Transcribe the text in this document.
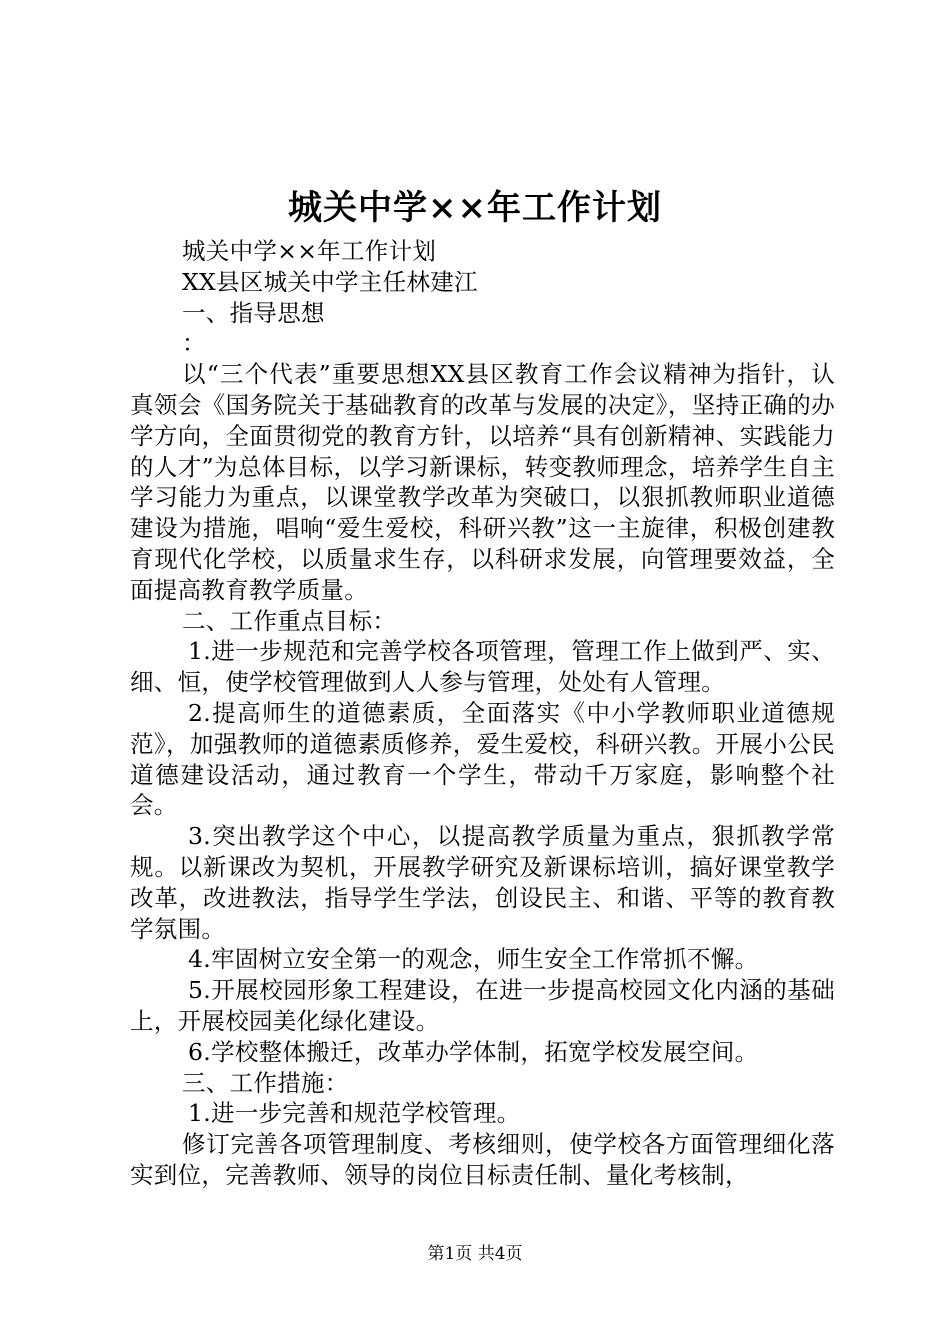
城关中学××年工作计划

城关中学××年工作计划

XX县区城关中学主任林建江

一、指导思想

：

以“三个代表”重要思想XX县区教育工作会议精神为指针，认真领会《国务院关于基础教育的改革与发展的决定》，坚持正确的办学方向，全面贯彻党的教育方针，以培养“具有创新精神、实践能力的人才”为总体目标，以学习新课标，转变教师理念，培养学生自主学习能力为重点，以课堂教学改革为突破口，以狠抓教师职业道德建设为措施，唱响“爱生爱校，科研兴教”这一主旋律，积极创建教育现代化学校，以质量求生存，以科研求发展，向管理要效益，全面提高教育教学质量。

二、工作重点目标：

1.进一步规范和完善学校各项管理，管理工作上做到严、实、细、恒，使学校管理做到人人参与管理，处处有人管理。

2.提高师生的道德素质，全面落实《中小学教师职业道德规范》，加强教师的道德素质修养，爱生爱校，科研兴教。开展小公民道德建设活动，通过教育一个学生，带动千万家庭，影响整个社会。

3.突出教学这个中心，以提高教学质量为重点，狠抓教学常规。以新课改为契机，开展教学研究及新课标培训，搞好课堂教学改革，改进教法，指导学生学法，创设民主、和谐、平等的教育教学氛围。

4.牢固树立安全第一的观念，师生安全工作常抓不懈。

5.开展校园形象工程建设，在进一步提高校园文化内涵的基础上，开展校园美化绿化建设。

6.学校整体搬迁，改革办学体制，拓宽学校发展空间。

三、工作措施：

1.进一步完善和规范学校管理。

修订完善各项管理制度、考核细则，使学校各方面管理细化落实到位，完善教师、领导的岗位目标责任制、量化考核制，

第1页 共4页
